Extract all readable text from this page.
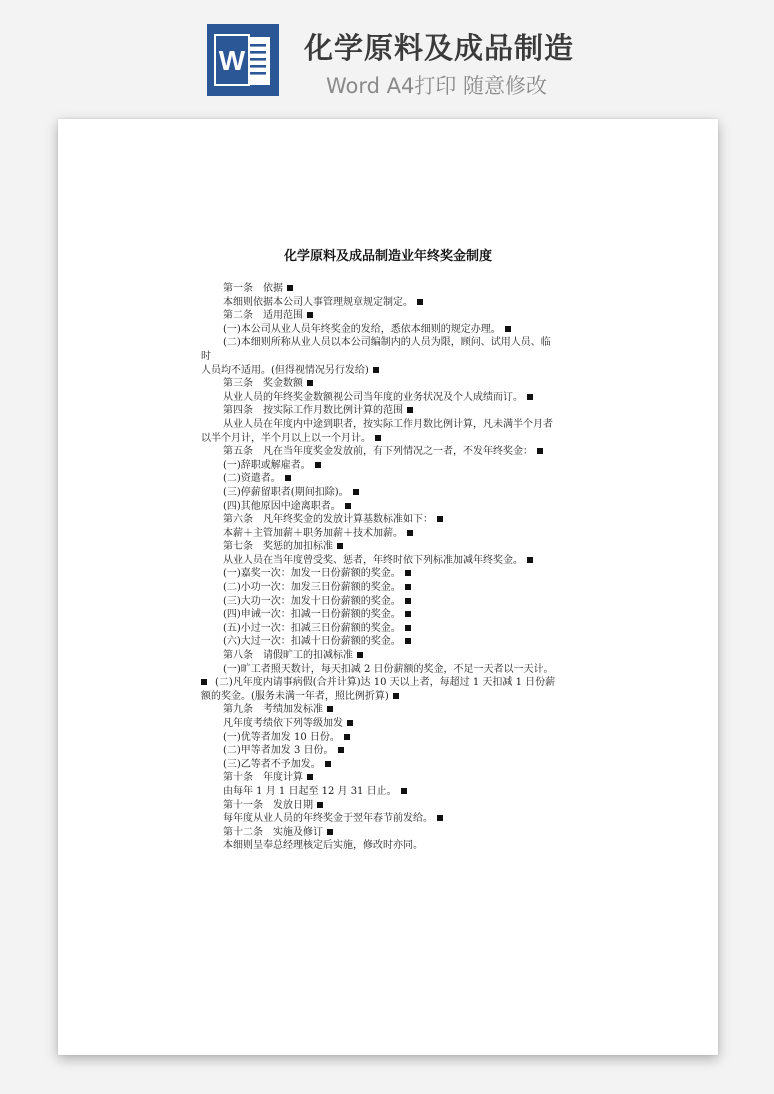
W 化学原料及成品制造
Word A4打印 随意修改
化学原料及成品制造业年终奖金制度
第一条　依据
本细则依据本公司人事管理规章规定制定。
第二条　适用范围
(一)本公司从业人员年终奖金的发给，悉依本细则的规定办理。
(二)本细则所称从业人员以本公司编制内的人员为限，顾问、试用人员、临
时
人员均不适用。(但得视情况另行发给)
第三条　奖金数额
从业人员的年终奖金数额视公司当年度的业务状况及个人成绩而订。
第四条　按实际工作月数比例计算的范围
从业人员在年度内中途到职者，按实际工作月数比例计算，凡未满半个月者
以半个月计，半个月以上以一个月计。
第五条　凡在当年度奖金发放前，有下列情况之一者，不发年终奖金：
(一)辞职或解雇者。
(二)资遣者。
(三)停薪留职者(期间扣除)。
(四)其他原因中途离职者。
第六条　凡年终奖金的发放计算基数标准如下：
本薪＋主管加薪＋职务加薪＋技术加薪。
第七条　奖惩的加扣标准
从业人员在当年度曾受奖、惩者，年终时依下列标准加减年终奖金。
(一)嘉奖一次：加发一日份薪额的奖金。
(二)小功一次：加发三日份薪额的奖金。
(三)大功一次：加发十日份薪额的奖金。
(四)申诫一次：扣减一日份薪额的奖金。
(五)小过一次：扣减三日份薪额的奖金。
(六)大过一次：扣减十日份薪额的奖金。
第八条　请假旷工的扣减标准
(一)旷工者照天数计，每天扣减 2 日份薪额的奖金，不足一天者以一天计。
(二)凡年度内请事病假(合并计算)达 10 天以上者，每超过 1 天扣减 1 日份薪
额的奖金。(服务未满一年者，照比例折算)
第九条　考绩加发标准
凡年度考绩依下列等级加发
(一)优等者加发 10 日份。
(二)甲等者加发 3 日份。
(三)乙等者不予加发。
第十条　年度计算
由每年 1 月 1 日起至 12 月 31 日止。
第十一条　发放日期
每年度从业人员的年终奖金于翌年春节前发给。
第十二条　实施及修订
本细则呈奉总经理核定后实施，修改时亦同。
